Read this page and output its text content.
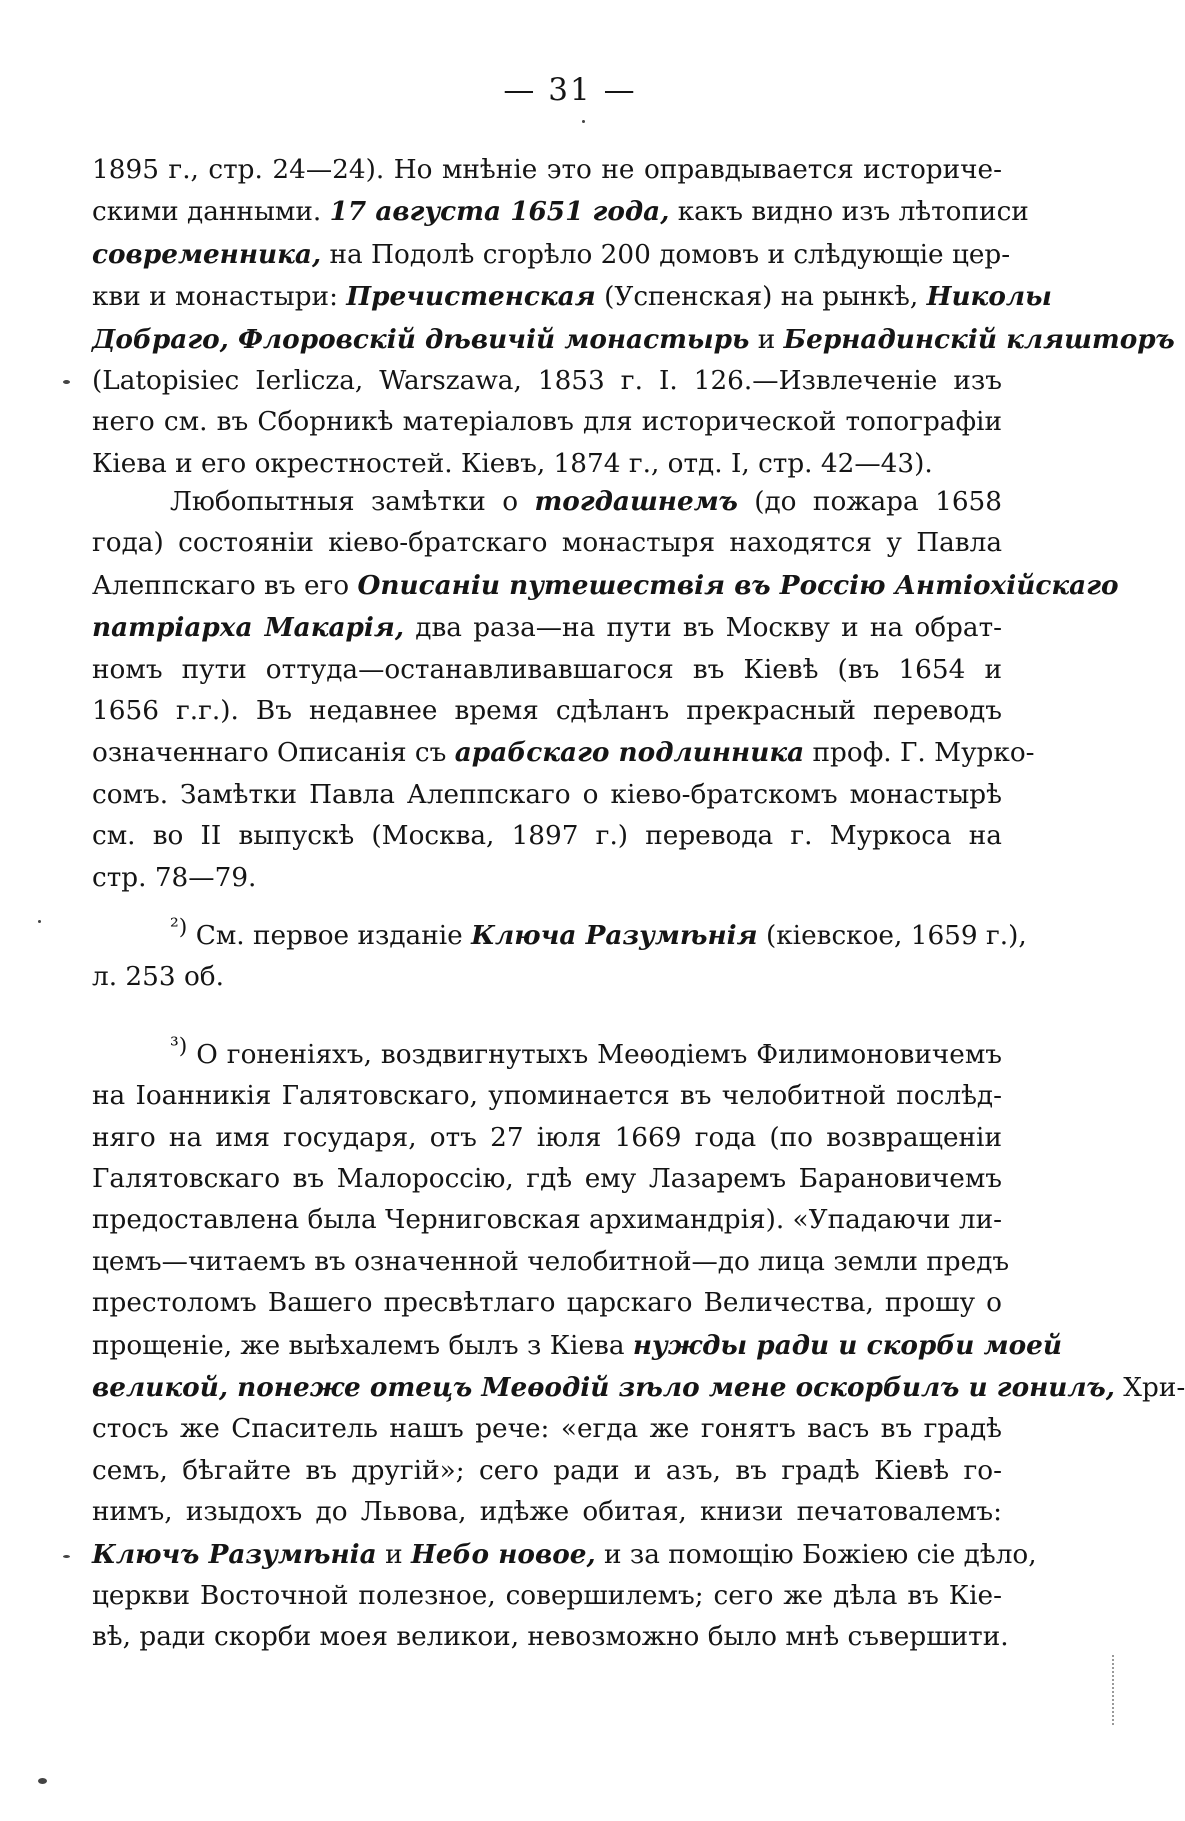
— 31 —
1895 г., стр. 24—24). Но мнѣніе это не оправдывается историче-
скими данными. 17 августа 1651 года, какъ видно изъ лѣтописи
современника, на Подолѣ сгорѣло 200 домовъ и слѣдующіе цер-
кви и монастыри: Пречистенская (Успенская) на рынкѣ, Николы
Добраго, Флоровскій дѣвичій монастырь и Бернадинскій кляшторъ
(Latopisiec Ierlicza, Warszawa, 1853 г. I. 126.—Извлеченіе изъ
него см. въ Сборникѣ матеріаловъ для исторической топографіи
Кіева и его окрестностей. Кіевъ, 1874 г., отд. I, стр. 42—43).
Любопытныя замѣтки о тогдашнемъ (до пожара 1658
года) состояніи кіево-братскаго монастыря находятся у Павла
Алеппскаго въ его Описаніи путешествія въ Россію Антіохійскаго
патріарха Макарія, два раза—на пути въ Москву и на обрат-
номъ пути оттуда—останавливавшагося въ Кіевѣ (въ 1654 и
1656 г.г.). Въ недавнее время сдѣланъ прекрасный переводъ
означеннаго Описанія съ арабскаго подлинника проф. Г. Мурко-
сомъ. Замѣтки Павла Алеппскаго о кіево-братскомъ монастырѣ
см. во II выпускѣ (Москва, 1897 г.) перевода г. Муркоса на
стр. 78—79.
$^{^2)}$ См. первое изданіе Ключа Разумѣнія (кіевское, 1659 г.),
л. 253 об.
$^{^3)}$ О гоненіяхъ, воздвигнутыхъ Меѳодіемъ Филимоновичемъ
на Іоанникія Галятовскаго, упоминается въ челобитной послѣд-
няго на имя государя, отъ 27 іюля 1669 года (по возвращеніи
Галятовскаго въ Малороссію, гдѣ ему Лазаремъ Барановичемъ
предоставлена была Черниговская архимандрія). «Упадаючи ли-
цемъ—читаемъ въ означенной челобитной—до лица земли предъ
престоломъ Вашего пресвѣтлаго царскаго Величества, прошу о
прощеніе, же выѣхалемъ былъ з Кіева нужды ради и скорби моей
великой, понеже отецъ Меѳодій зѣло мене оскорбилъ и гонилъ, Хри-
стосъ же Спаситель нашъ рече: «егда же гонятъ васъ въ градѣ
семъ, бѣгайте въ другій»; сего ради и азъ, въ градѣ Кіевѣ го-
нимъ, изыдохъ до Львова, идѣже обитая, книзи печатовалемъ:
Ключъ Разумѣніа и Небо новое, и за помощію Божіею сіе дѣло,
церкви Восточной полезное, совершилемъ; сего же дѣла въ Кіе-
вѣ, ради скорби моея великои, невозможно было мнѣ съвершити.
